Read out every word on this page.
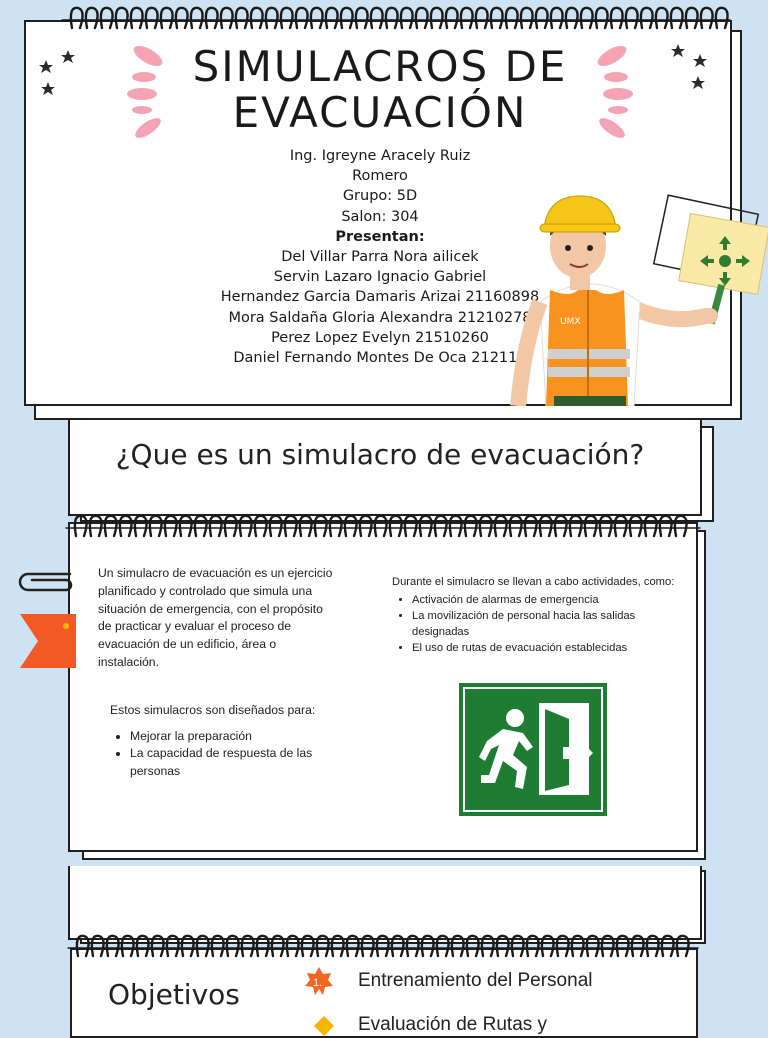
SIMULACROS DE EVACUACIÓN
Ing. Igreyne Aracely Ruiz
Romero
Grupo: 5D
Salon: 304
Presentan:
Del Villar Parra Nora ailicek
Servin Lazaro Ignacio Gabriel
Hernandez Garcia Damaris Arizai 21160898
Mora Saldaña Gloria Alexandra 21210278
Perez Lopez Evelyn 21510260
Daniel Fernando Montes De Oca 212110
UMX
¿Que es un simulacro de evacuación?
Un simulacro de evacuación es un ejercicio planificado y controlado que simula una situación de emergencia, con el propósito de practicar y evaluar el proceso de evacuación de un edificio, área o instalación.
Estos simulacros son diseñados para:
• Mejorar la preparación
• La capacidad de respuesta de las personas
Durante el simulacro se llevan a cabo actividades, como:
• Activación de alarmas de emergencia
• La movilización de personal hacia las salidas designadas
• El uso de rutas de evacuación establecidas
Objetivos	1. Entrenamiento del Personal
Evaluación de Rutas y
